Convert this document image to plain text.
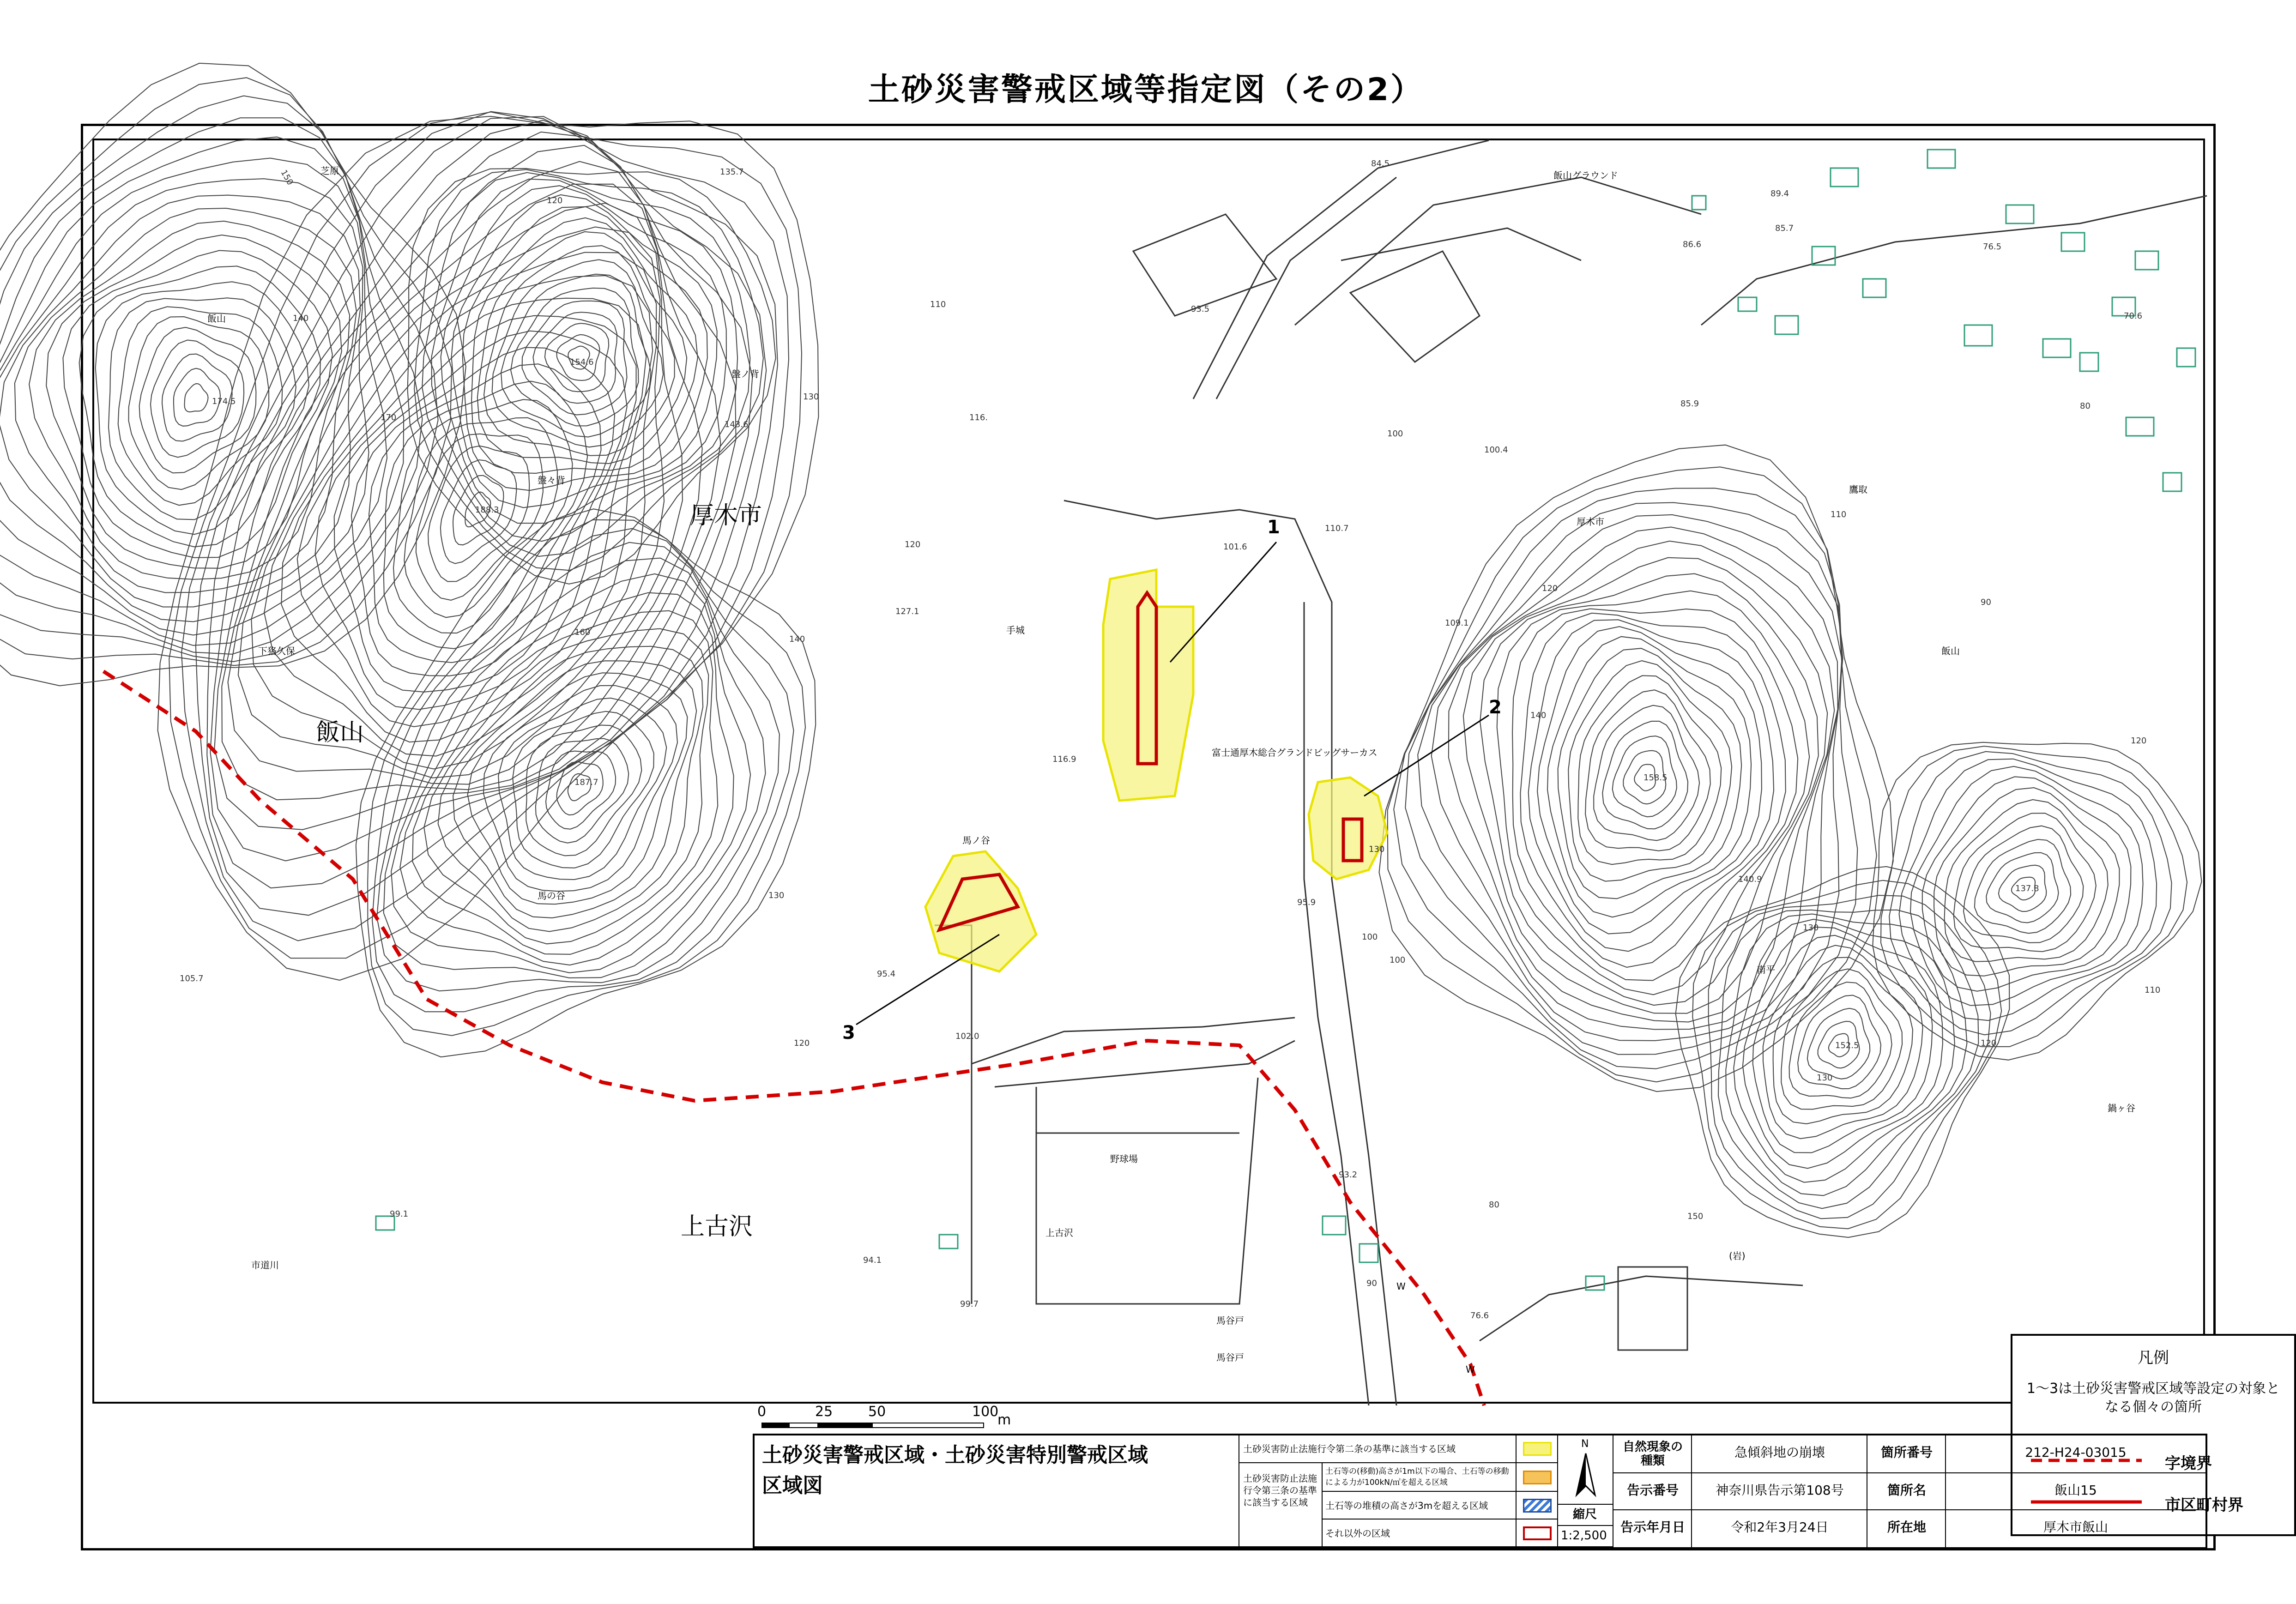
土砂災害警戒区域等指定図（その2）
厚木市
飯山
上古沢
芝原
飯山
盤ノ背
盤々背
下狢久保
馬ノ谷
馬の谷
手城
富士通厚木総合グランドビッグサーカス
鷹取
厚木市
飯山
南平
鍋ヶ谷
飯山グラウンド
市道川
野球場
上古沢
馬谷戸
馬谷戸
(岩)
W
W
135.7
174.5
154.6
143.6
116.
188.3
127.1
187.7
116.9
95.4
102.0
99.1
94.1
99.7
93.5
84.5
101.6
100.4
110.7
109.1
95.9
158.5
140.9
137.8
152.5
89.4
85.7
86.6
85.9
76.5
70.6
93.2
76.6
105.7
150
120
140
130
170
160
110
120
140
130
120
100
120
110
100
140
130
150
90
80
120
130
110
80
90
120
130
100
1
2
3
凡例
1～3は土砂災害警戒区域等設定の対象となる個々の箇所
字境界
市区町村界
0	25	50	100
m
土砂災害警戒区域・土砂災害特別警戒区域
区域図
土砂災害防止法施行令第二条の基準に該当する区域
土砂災害防止法施行令第三条の基準に該当する区域
土石等の(移動)高さが1m以下の場合、土石等の移動による力が100kN/㎡を超える区域
土石等の堆積の高さが3mを超える区域
それ以外の区域
N
縮尺
1:2,500
自然現象の種類
急傾斜地の崩壊	箇所番号	212-H24-03015
告示番号	神奈川県告示第108号	箇所名	飯山15
告示年月日	令和2年3月24日	所在地	厚木市飯山
